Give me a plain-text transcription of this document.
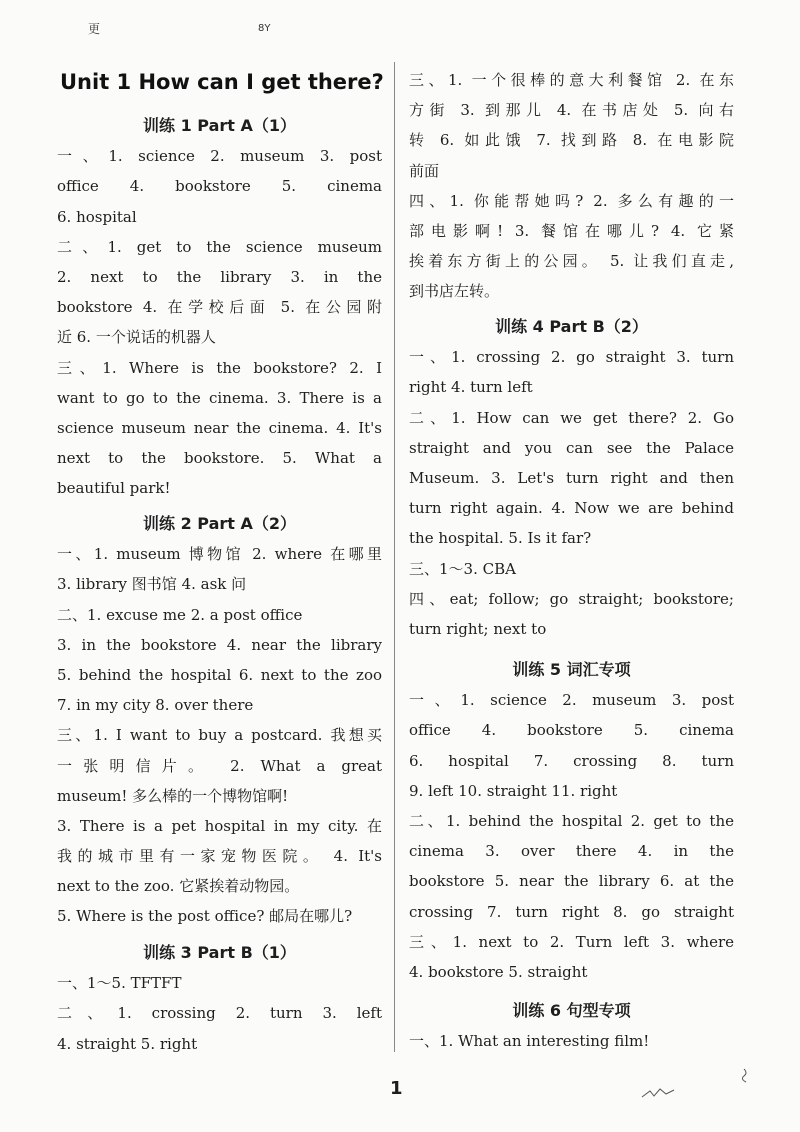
更	8Y
Unit 1 How can I get there?
训练 1 Part A（1）
一、1. science 2. museum 3. post
office 4. bookstore 5. cinema
6. hospital
二、1. get to the science museum
2. next to the library 3. in the
bookstore 4. 在学校后面 5. 在公园附
近 6. 一个说话的机器人
三、1. Where is the bookstore? 2. I
want to go to the cinema. 3. There is a
science museum near the cinema. 4. It's
next to the bookstore. 5. What a
beautiful park!
训练 2 Part A（2）
一、1. museum 博物馆 2. where 在哪里
3. library 图书馆 4. ask 问
二、1. excuse me 2. a post office
3. in the bookstore 4. near the library
5. behind the hospital 6. next to the zoo
7. in my city 8. over there
三、1. I want to buy a postcard. 我想买
一张明信片。 2. What a great
museum! 多么棒的一个博物馆啊!
3. There is a pet hospital in my city. 在
我的城市里有一家宠物医院。 4. It's
next to the zoo. 它紧挨着动物园。
5. Where is the post office? 邮局在哪儿?
训练 3 Part B（1）
一、1～5. TFTFT
二、1. crossing 2. turn 3. left
4. straight 5. right
三、1. 一个很棒的意大利餐馆 2. 在东
方街 3. 到那儿 4. 在书店处 5. 向右
转 6. 如此饿 7. 找到路 8. 在电影院
前面
四、1. 你能帮她吗? 2. 多么有趣的一
部电影啊! 3. 餐馆在哪儿? 4. 它紧
挨着东方街上的公园。 5. 让我们直走,
到书店左转。
训练 4 Part B（2）
一、1. crossing 2. go straight 3. turn
right 4. turn left
二、1. How can we get there? 2. Go
straight and you can see the Palace
Museum. 3. Let's turn right and then
turn right again. 4. Now we are behind
the hospital. 5. Is it far?
三、1～3. CBA
四、eat; follow; go straight; bookstore;
turn right; next to
训练 5 词汇专项
一、1. science 2. museum 3. post
office 4. bookstore 5. cinema
6. hospital 7. crossing 8. turn
9. left 10. straight 11. right
二、1. behind the hospital 2. get to the
cinema 3. over there 4. in the
bookstore 5. near the library 6. at the
crossing 7. turn right 8. go straight
三、1. next to 2. Turn left 3. where
4. bookstore 5. straight
训练 6 句型专项
一、1. What an interesting film!
1
